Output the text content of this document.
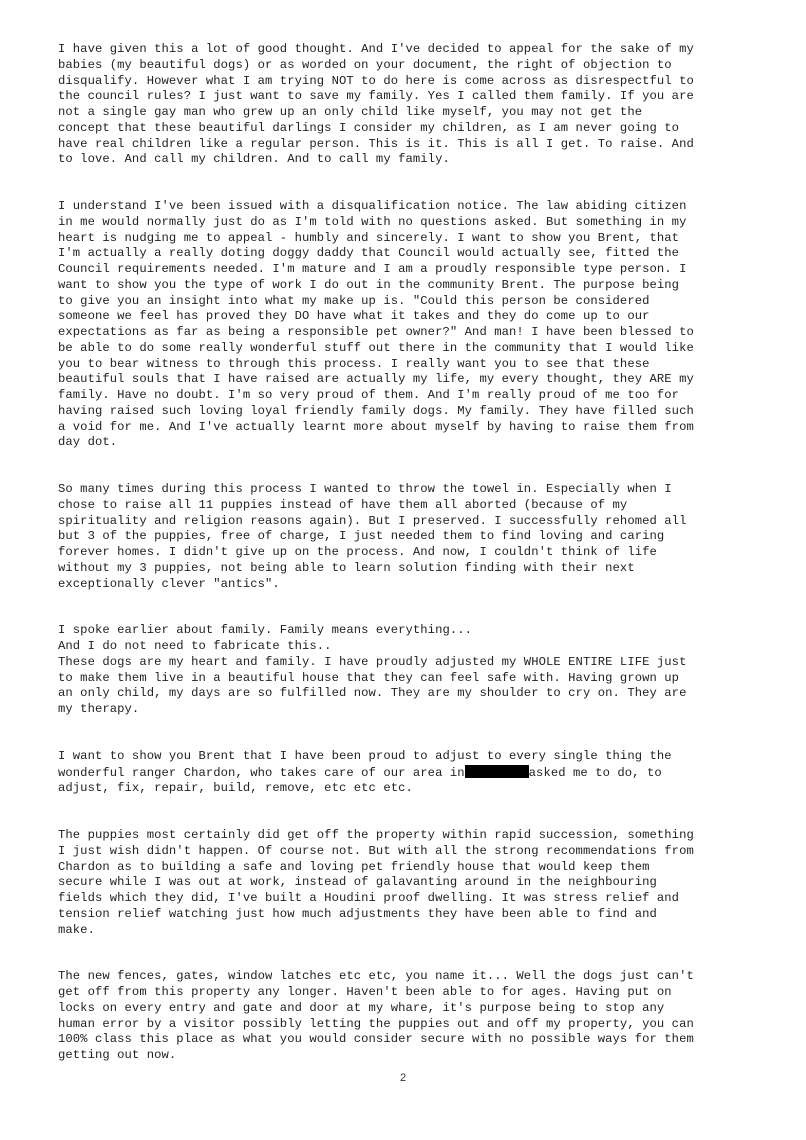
I have given this a lot of good thought. And I've decided to appeal for the sake of my
babies (my beautiful dogs) or as worded on your document, the right of objection to
disqualify. However what I am trying NOT to do here is come across as disrespectful to
the council rules? I just want to save my family. Yes I called them family. If you are
not a single gay man who grew up an only child like myself, you may not get the
concept that these beautiful darlings I consider my children, as I am never going to
have real children like a regular person. This is it. This is all I get. To raise. And
to love. And call my children. And to call my family.

I understand I've been issued with a disqualification notice. The law abiding citizen
in me would normally just do as I'm told with no questions asked. But something in my
heart is nudging me to appeal - humbly and sincerely. I want to show you Brent, that
I'm actually a really doting doggy daddy that Council would actually see, fitted the
Council requirements needed. I'm mature and I am a proudly responsible type person. I
want to show you the type of work I do out in the community Brent. The purpose being
to give you an insight into what my make up is. "Could this person be considered
someone we feel has proved they DO have what it takes and they do come up to our
expectations as far as being a responsible pet owner?" And man! I have been blessed to
be able to do some really wonderful stuff out there in the community that I would like
you to bear witness to through this process. I really want you to see that these
beautiful souls that I have raised are actually my life, my every thought, they ARE my
family. Have no doubt. I'm so very proud of them. And I'm really proud of me too for
having raised such loving loyal friendly family dogs. My family. They have filled such
a void for me. And I've actually learnt more about myself by having to raise them from
day dot.

So many times during this process I wanted to throw the towel in. Especially when I
chose to raise all 11 puppies instead of have them all aborted (because of my
spirituality and religion reasons again). But I preserved. I successfully rehomed all
but 3 of the puppies, free of charge, I just needed them to find loving and caring
forever homes. I didn't give up on the process. And now, I couldn't think of life
without my 3 puppies, not being able to learn solution finding with their next
exceptionally clever "antics".

I spoke earlier about family. Family means everything...

And I do not need to fabricate this..

These dogs are my heart and family. I have proudly adjusted my WHOLE ENTIRE LIFE just
to make them live in a beautiful house that they can feel safe with. Having grown up
an only child, my days are so fulfilled now. They are my shoulder to cry on. They are
my therapy.

I want to show you Brent that I have been proud to adjust to every single thing the
wonderful ranger Chardon, who takes care of our area in	asked me to do, to
adjust, fix, repair, build, remove, etc etc etc.

The puppies most certainly did get off the property within rapid succession, something
I just wish didn't happen. Of course not. But with all the strong recommendations from
Chardon as to building a safe and loving pet friendly house that would keep them
secure while I was out at work, instead of galavanting around in the neighbouring
fields which they did, I've built a Houdini proof dwelling. It was stress relief and
tension relief watching just how much adjustments they have been able to find and
make.

The new fences, gates, window latches etc etc, you name it... Well the dogs just can't
get off from this property any longer. Haven't been able to for ages. Having put on
locks on every entry and gate and door at my whare, it's purpose being to stop any
human error by a visitor possibly letting the puppies out and off my property, you can
100% class this place as what you would consider secure with no possible ways for them
getting out now.

2
